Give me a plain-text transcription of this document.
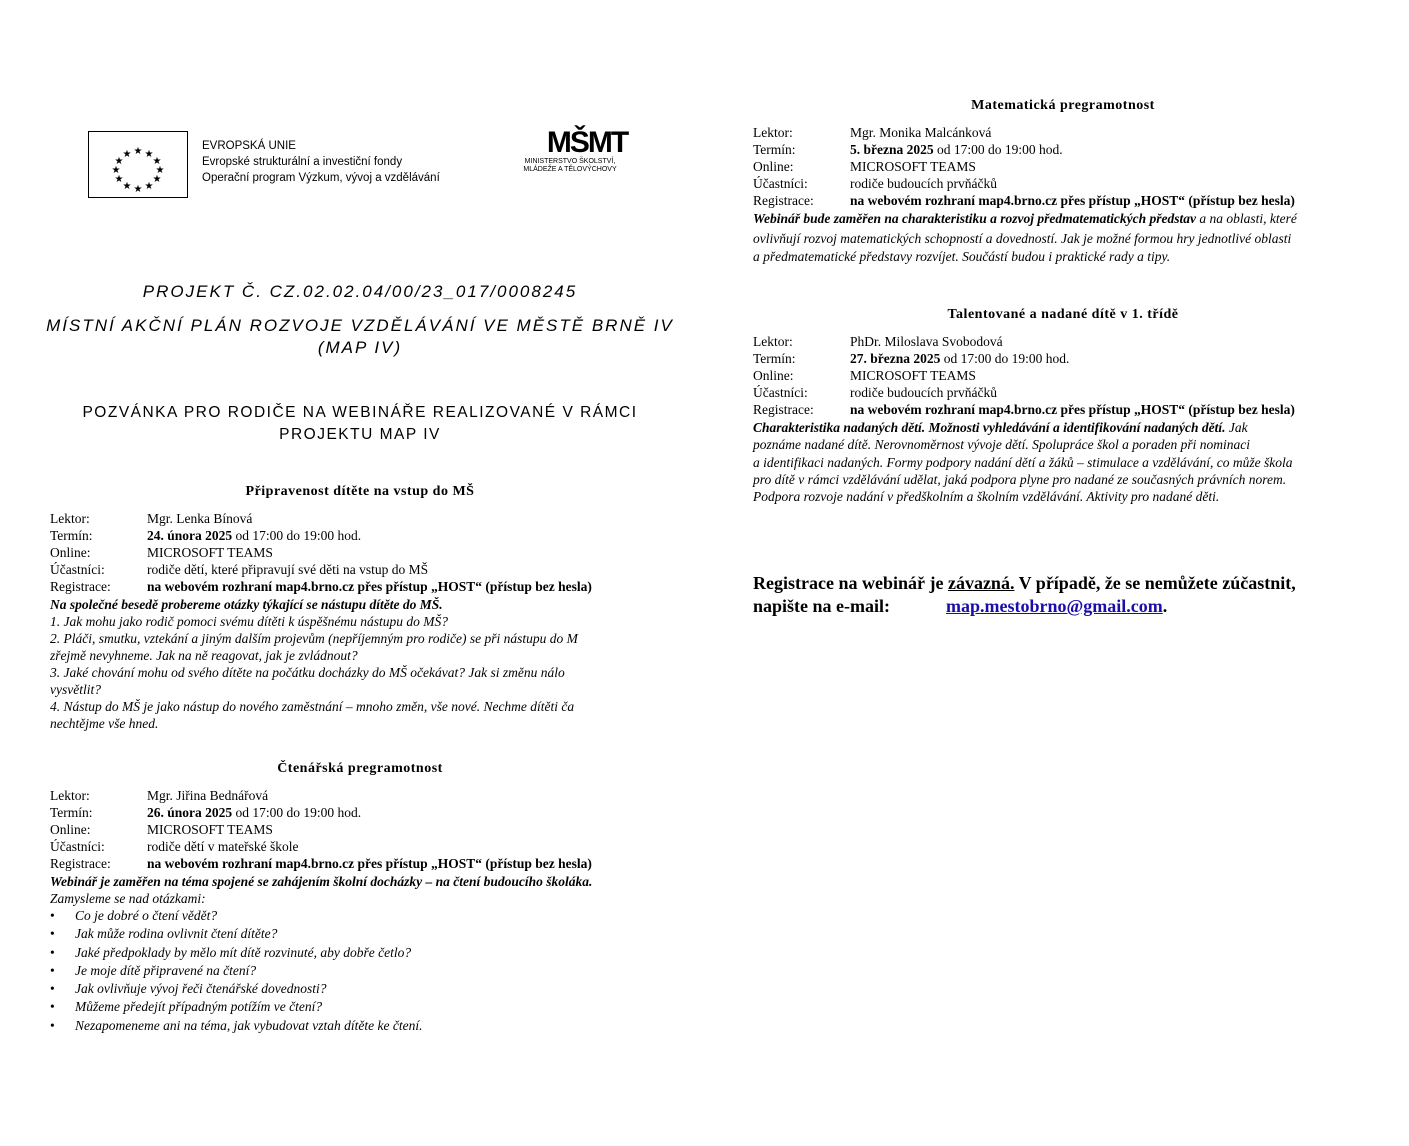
★ ★
★
★
★
★
★
★
★
★
★
★
EVROPSKÁ UNIE
Evropské strukturální a investiční fondy
Operační program Výzkum, vývoj a vzdělávání
MŠMT
MINISTERSTVO ŠKOLSTVÍ,
MLÁDEŽE A TĚLOVÝCHOVY
PROJEKT Č. CZ.02.02.04/00/23_017/0008245
MÍSTNÍ AKČNÍ PLÁN ROZVOJE VZDĚLÁVÁNÍ VE MĚSTĚ BRNĚ IV
(MAP IV)
POZVÁNKA PRO RODIČE NA WEBINÁŘE REALIZOVANÉ V RÁMCI
PROJEKTU MAP IV
Připravenost dítěte na vstup do MŠ
Lektor:	Mgr. Lenka Bínová
Termín:	24. února 2025 od 17:00 do 19:00 hod.
Online:	MICROSOFT TEAMS
Účastníci:	rodiče dětí, které připravují své děti na vstup do MŠ
Registrace:	na webovém rozhraní map4.brno.cz přes přístup „HOST“ (přístup bez hesla)
Na společné besedě probereme otázky týkající se nástupu dítěte do MŠ.
1. Jak mohu jako rodič pomoci svému dítěti k úspěšnému nástupu do MŠ?
2. Pláči, smutku, vztekání a jiným dalším projevům (nepříjemným pro rodiče) se při nástupu do M
zřejmě nevyhneme. Jak na ně reagovat, jak je zvládnout?
3. Jaké chování mohu od svého dítěte na počátku docházky do MŠ očekávat? Jak si změnu nálo
vysvětlit?
4. Nástup do MŠ je jako nástup do nového zaměstnání – mnoho změn, vše nové. Nechme dítěti ča
nechtějme vše hned.
Čtenářská pregramotnost
Lektor:	Mgr. Jiřina Bednářová
Termín:	26. února 2025 od 17:00 do 19:00 hod.
Online:	MICROSOFT TEAMS
Účastníci:	rodiče dětí v mateřské škole
Registrace:	na webovém rozhraní map4.brno.cz přes přístup „HOST“ (přístup bez hesla)
Webinář je zaměřen na téma spojené se zahájením školní docházky – na čtení budoucího školáka.
Zamysleme se nad otázkami:
• Co je dobré o čtení vědět?
• Jak může rodina ovlivnit čtení dítěte?
• Jaké předpoklady by mělo mít dítě rozvinuté, aby dobře četlo?
• Je moje dítě připravené na čtení?
• Jak ovlivňuje vývoj řeči čtenářské dovednosti?
• Můžeme předejít případným potížím ve čtení?
• Nezapomeneme ani na téma, jak vybudovat vztah dítěte ke čtení.
Matematická pregramotnost
Lektor:	Mgr. Monika Malcánková
Termín:	5. března 2025 od 17:00 do 19:00 hod.
Online:	MICROSOFT TEAMS
Účastníci:	rodiče budoucích prvňáčků
Registrace:	na webovém rozhraní map4.brno.cz přes přístup „HOST“ (přístup bez hesla)
Webinář bude zaměřen na charakteristiku a rozvoj předmatematických představ a na oblasti, které
ovlivňují rozvoj matematických schopností a dovedností. Jak je možné formou hry jednotlivé oblasti
a předmatematické představy rozvíjet. Součástí budou i praktické rady a tipy.
Talentované a nadané dítě v 1. třídě
Lektor:	PhDr. Miloslava Svobodová
Termín:	27. března 2025 od 17:00 do 19:00 hod.
Online:	MICROSOFT TEAMS
Účastníci:	rodiče budoucích prvňáčků
Registrace:	na webovém rozhraní map4.brno.cz přes přístup „HOST“ (přístup bez hesla)
Charakteristika nadaných dětí. Možnosti vyhledávání a identifikování nadaných dětí. Jak
poznáme nadané dítě. Nerovnoměrnost vývoje dětí. Spolupráce škol a poraden při nominaci
a identifikaci nadaných. Formy podpory nadání dětí a žáků – stimulace a vzdělávání, co může škola
pro dítě v rámci vzdělávání udělat, jaká podpora plyne pro nadané ze současných právních norem.
Podpora rozvoje nadání v předškolním a školním vzdělávání. Aktivity pro nadané děti.
Registrace na webinář je závazná. V případě, že se nemůžete zúčastnit,
napište na e-mail:	map.mestobrno@gmail.com.
